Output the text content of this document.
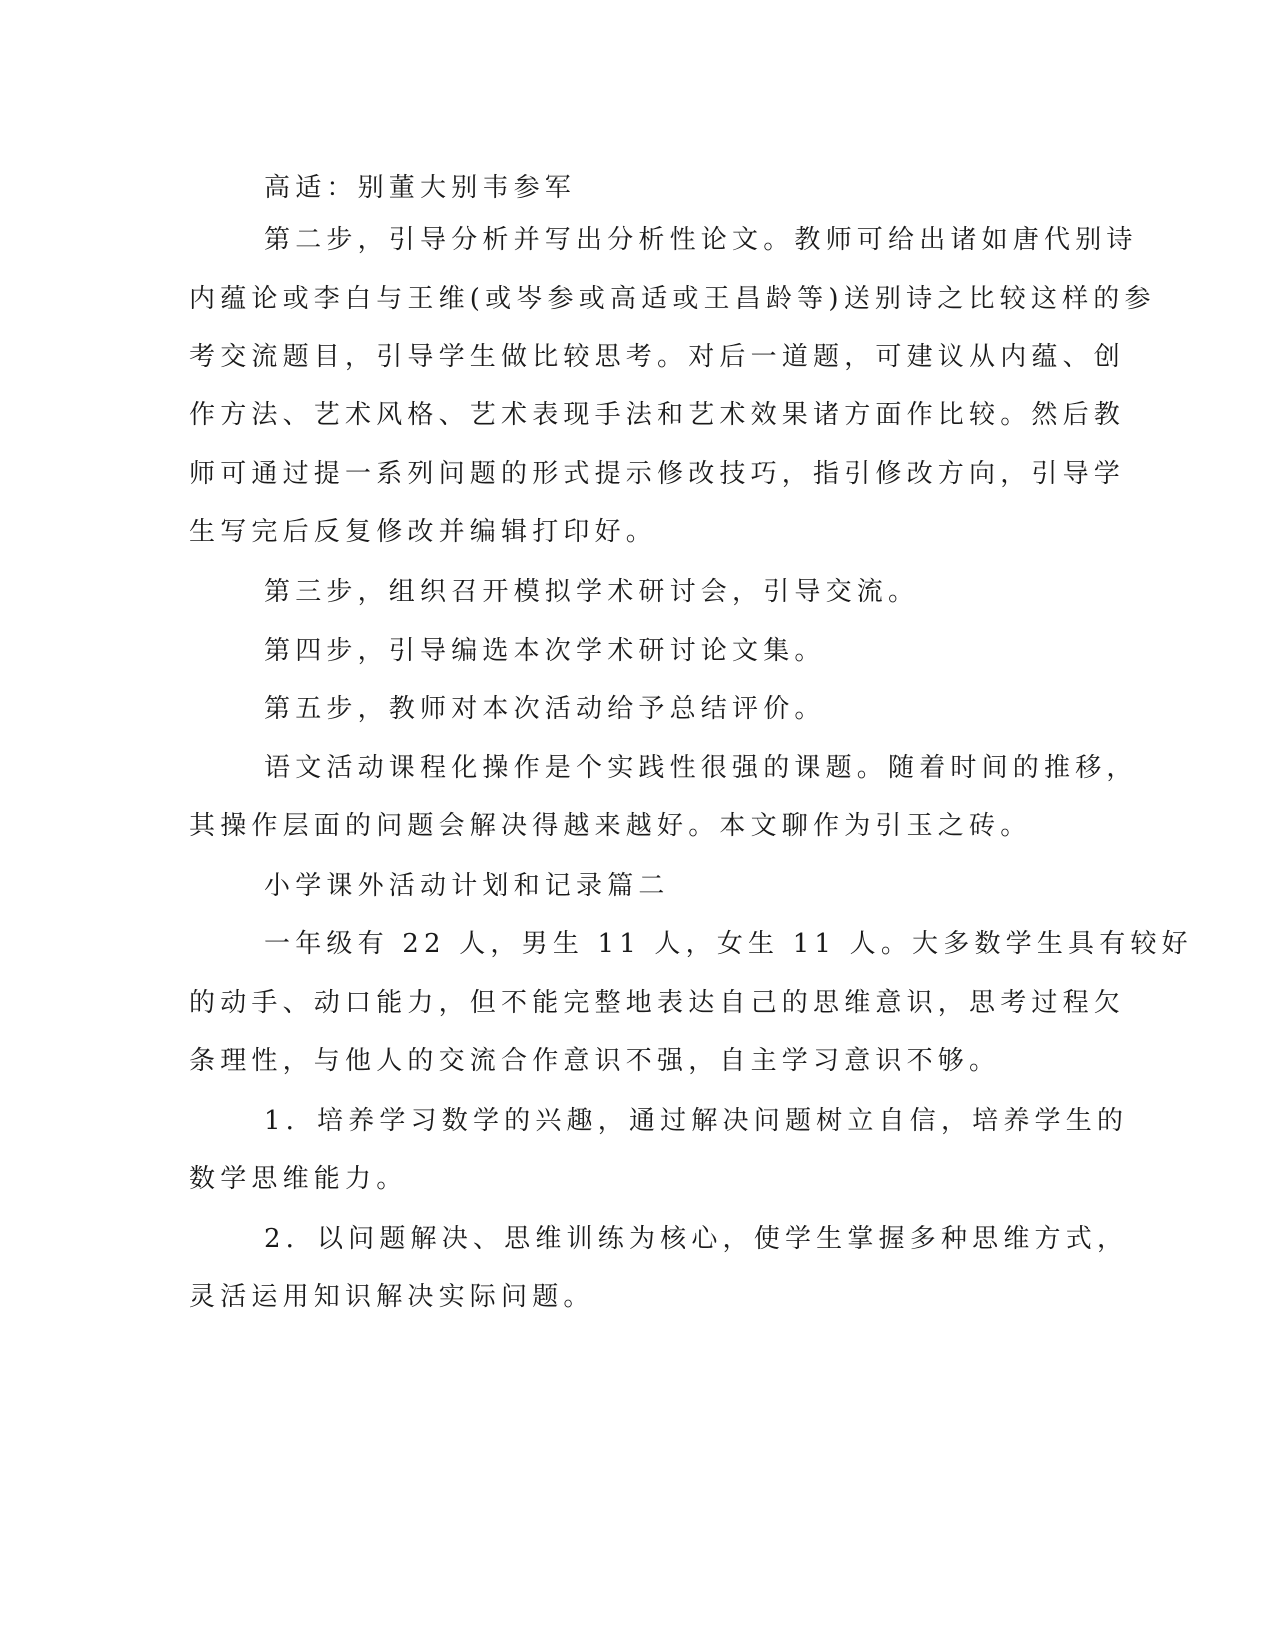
高适：别董大别韦参军

第二步，引导分析并写出分析性论文。教师可给出诸如唐代别诗

内蕴论或李白与王维(或岑参或高适或王昌龄等)送别诗之比较这样的参

考交流题目，引导学生做比较思考。对后一道题，可建议从内蕴、创

作方法、艺术风格、艺术表现手法和艺术效果诸方面作比较。然后教

师可通过提一系列问题的形式提示修改技巧，指引修改方向，引导学

生写完后反复修改并编辑打印好。

第三步，组织召开模拟学术研讨会，引导交流。

第四步，引导编选本次学术研讨论文集。

第五步，教师对本次活动给予总结评价。

语文活动课程化操作是个实践性很强的课题。随着时间的推移，

其操作层面的问题会解决得越来越好。本文聊作为引玉之砖。

小学课外活动计划和记录篇二

一年级有 22 人，男生 11 人，女生 11 人。大多数学生具有较好

的动手、动口能力，但不能完整地表达自己的思维意识，思考过程欠

条理性，与他人的交流合作意识不强，自主学习意识不够。

1．培养学习数学的兴趣，通过解决问题树立自信，培养学生的

数学思维能力。

2．以问题解决、思维训练为核心，使学生掌握多种思维方式，

灵活运用知识解决实际问题。
